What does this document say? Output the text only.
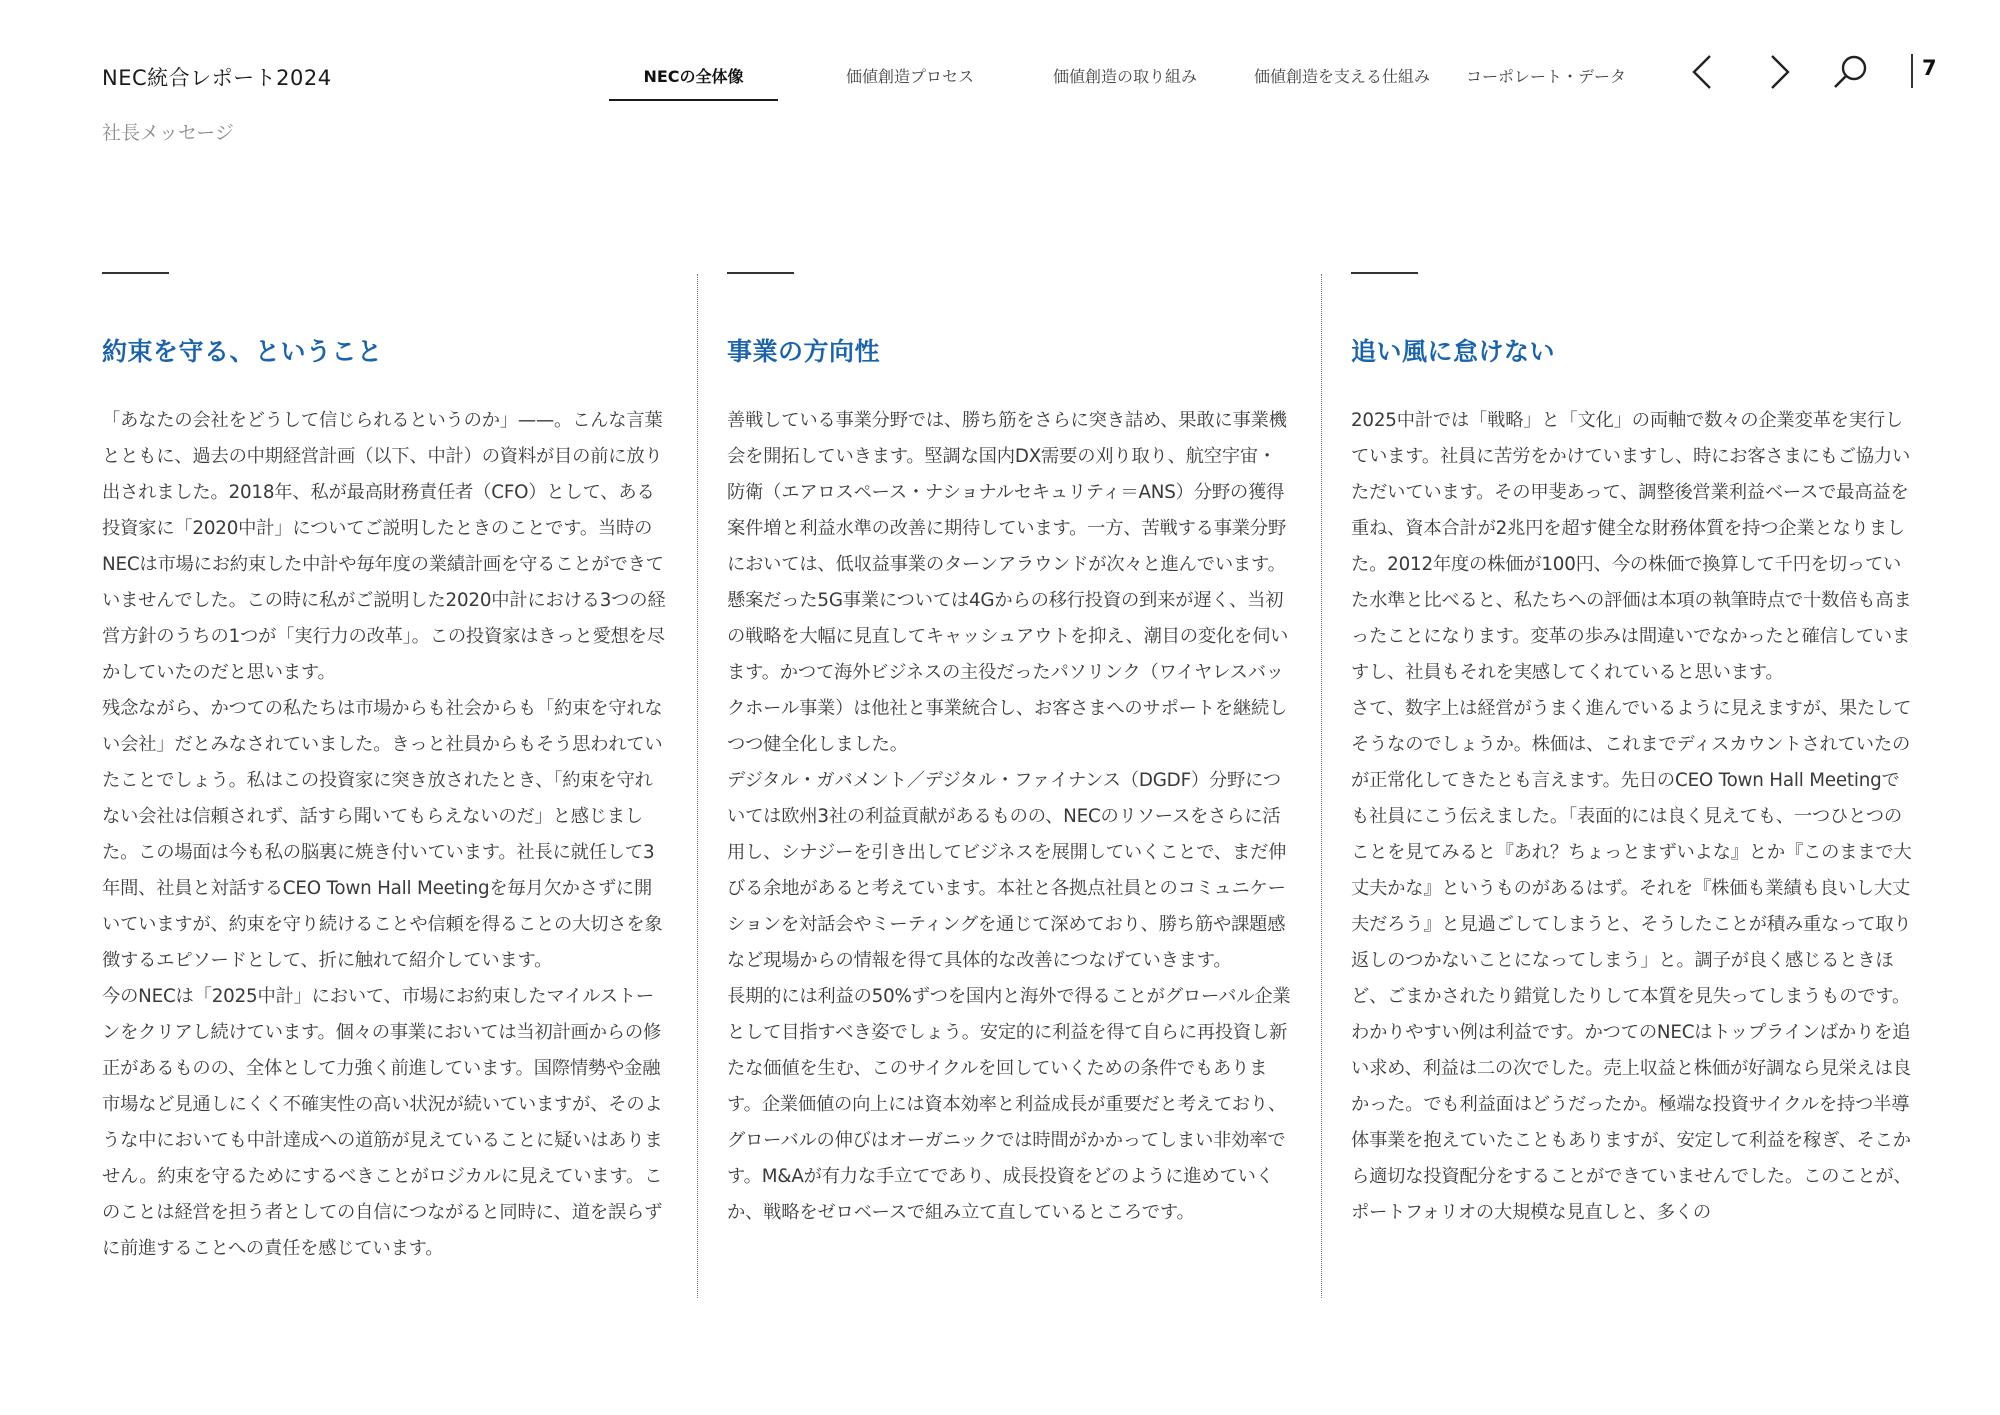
NEC統合レポート2024
社長メッセージ
NECの全体像	価値創造プロセス	価値創造の取り組み	価値創造を支える仕組み	コーポレート・データ	7
約束を守る、ということ

「あなたの会社をどうして信じられるというのか」——。こんな言葉とともに、過去の中期経営計画（以下、中計）の資料が目の前に放り出されました。2018年、私が最高財務責任者（CFO）として、ある投資家に「2020中計」についてご説明したときのことです。当時のNECは市場にお約束した中計や毎年度の業績計画を守ることができていませんでした。この時に私がご説明した2020中計における3つの経営方針のうちの1つが「実行力の改革」。この投資家はきっと愛想を尽かしていたのだと思います。

残念ながら、かつての私たちは市場からも社会からも「約束を守れない会社」だとみなされていました。きっと社員からもそう思われていたことでしょう。私はこの投資家に突き放されたとき、「約束を守れない会社は信頼されず、話すら聞いてもらえないのだ」と感じました。この場面は今も私の脳裏に焼き付いています。社長に就任して3年間、社員と対話するCEO Town Hall Meetingを毎月欠かさずに開いていますが、約束を守り続けることや信頼を得ることの大切さを象徴するエピソードとして、折に触れて紹介しています。

今のNECは「2025中計」において、市場にお約束したマイルストーンをクリアし続けています。個々の事業においては当初計画からの修正があるものの、全体として力強く前進しています。国際情勢や金融市場など見通しにくく不確実性の高い状況が続いていますが、そのような中においても中計達成への道筋が見えていることに疑いはありません。約束を守るためにするべきことがロジカルに見えています。このことは経営を担う者としての自信につながると同時に、道を誤らずに前進することへの責任を感じています。

事業の方向性

善戦している事業分野では、勝ち筋をさらに突き詰め、果敢に事業機会を開拓していきます。堅調な国内DX需要の刈り取り、航空宇宙・防衛（エアロスペース・ナショナルセキュリティ＝ANS）分野の獲得案件増と利益水準の改善に期待しています。一方、苦戦する事業分野においては、低収益事業のターンアラウンドが次々と進んでいます。懸案だった5G事業については4Gからの移行投資の到来が遅く、当初の戦略を大幅に見直してキャッシュアウトを抑え、潮目の変化を伺います。かつて海外ビジネスの主役だったパソリンク（ワイヤレスバックホール事業）は他社と事業統合し、お客さまへのサポートを継続しつつ健全化しました。

デジタル・ガバメント／デジタル・ファイナンス（DGDF）分野については欧州3社の利益貢献があるものの、NECのリソースをさらに活用し、シナジーを引き出してビジネスを展開していくことで、まだ伸びる余地があると考えています。本社と各拠点社員とのコミュニケーションを対話会やミーティングを通じて深めており、勝ち筋や課題感など現場からの情報を得て具体的な改善につなげていきます。

長期的には利益の50%ずつを国内と海外で得ることがグローバル企業として目指すべき姿でしょう。安定的に利益を得て自らに再投資し新たな価値を生む、このサイクルを回していくための条件でもあります。企業価値の向上には資本効率と利益成長が重要だと考えており、グローバルの伸びはオーガニックでは時間がかかってしまい非効率です。M&Aが有力な手立てであり、成長投資をどのように進めていくか、戦略をゼロベースで組み立て直しているところです。

追い風に怠けない

2025中計では「戦略」と「文化」の両軸で数々の企業変革を実行しています。社員に苦労をかけていますし、時にお客さまにもご協力いただいています。その甲斐あって、調整後営業利益ベースで最高益を重ね、資本合計が2兆円を超す健全な財務体質を持つ企業となりました。2012年度の株価が100円、今の株価で換算して千円を切っていた水準と比べると、私たちへの評価は本項の執筆時点で十数倍も高まったことになります。変革の歩みは間違いでなかったと確信していますし、社員もそれを実感してくれていると思います。

さて、数字上は経営がうまく進んでいるように見えますが、果たしてそうなのでしょうか。株価は、これまでディスカウントされていたのが正常化してきたとも言えます。先日のCEO Town Hall Meetingでも社員にこう伝えました。「表面的には良く見えても、一つひとつのことを見てみると『あれ？ちょっとまずいよな』とか『このままで大丈夫かな』というものがあるはず。それを『株価も業績も良いし大丈夫だろう』と見過ごしてしまうと、そうしたことが積み重なって取り返しのつかないことになってしまう」と。調子が良く感じるときほど、ごまかされたり錯覚したりして本質を見失ってしまうものです。

わかりやすい例は利益です。かつてのNECはトップラインばかりを追い求め、利益は二の次でした。売上収益と株価が好調なら見栄えは良かった。でも利益面はどうだったか。極端な投資サイクルを持つ半導体事業を抱えていたこともありますが、安定して利益を稼ぎ、そこから適切な投資配分をすることができていませんでした。このことが、ポートフォリオの大規模な見直しと、多くの
